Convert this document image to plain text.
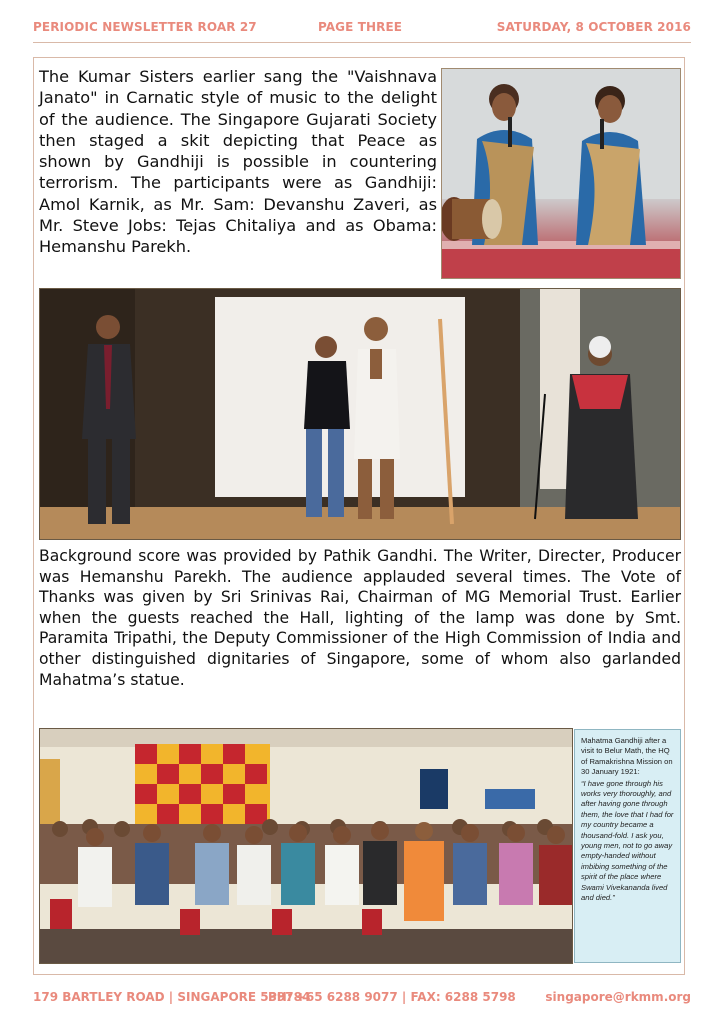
PERIODIC NEWSLETTER ROAR 27	PAGE THREE	SATURDAY, 8 OCTOBER 2016

The Kumar Sisters earlier sang the "Vaishnava Janato" in Carnatic style of music to the delight of the audience. The Singapore Gujarati Society then staged a skit depicting that Peace as shown by Gandhiji is possible in countering terrorism. The participants were as Gandhiji: Amol Karnik, as Mr. Sam: Devanshu Zaveri, as Mr. Steve Jobs: Tejas Chitaliya and as Obama: Hemanshu Parekh.

Background score was provided by Pathik Gandhi. The Writer, Directer, Producer was Hemanshu Parekh. The audience applauded several times. The Vote of Thanks was given by Sri Srinivas Rai, Chairman of MG Memorial Trust. Earlier when the guests reached the Hall, lighting of the lamp was done by Smt. Paramita Tripathi, the Deputy Commissioner of the High Commission of India and other distinguished dignitaries of Singapore, some of whom also garlanded Mahatma’s statue.

Mahatma Gandhiji after a visit to Belur Math, the HQ of Ramakrishna Mission on 30 January 1921:

“I have gone through his works very thoroughly, and after having gone through them, the love that I had for my country became a thousand-fold. I ask you, young men, not to go away empty-handed without imbibing something of the spirit of the place where Swami Vivekananda lived and died.”

179 BARTLEY ROAD | SINGAPORE 539784
PH: +65 6288 9077 | FAX: 6288 5798 singapore@rkmm.org
